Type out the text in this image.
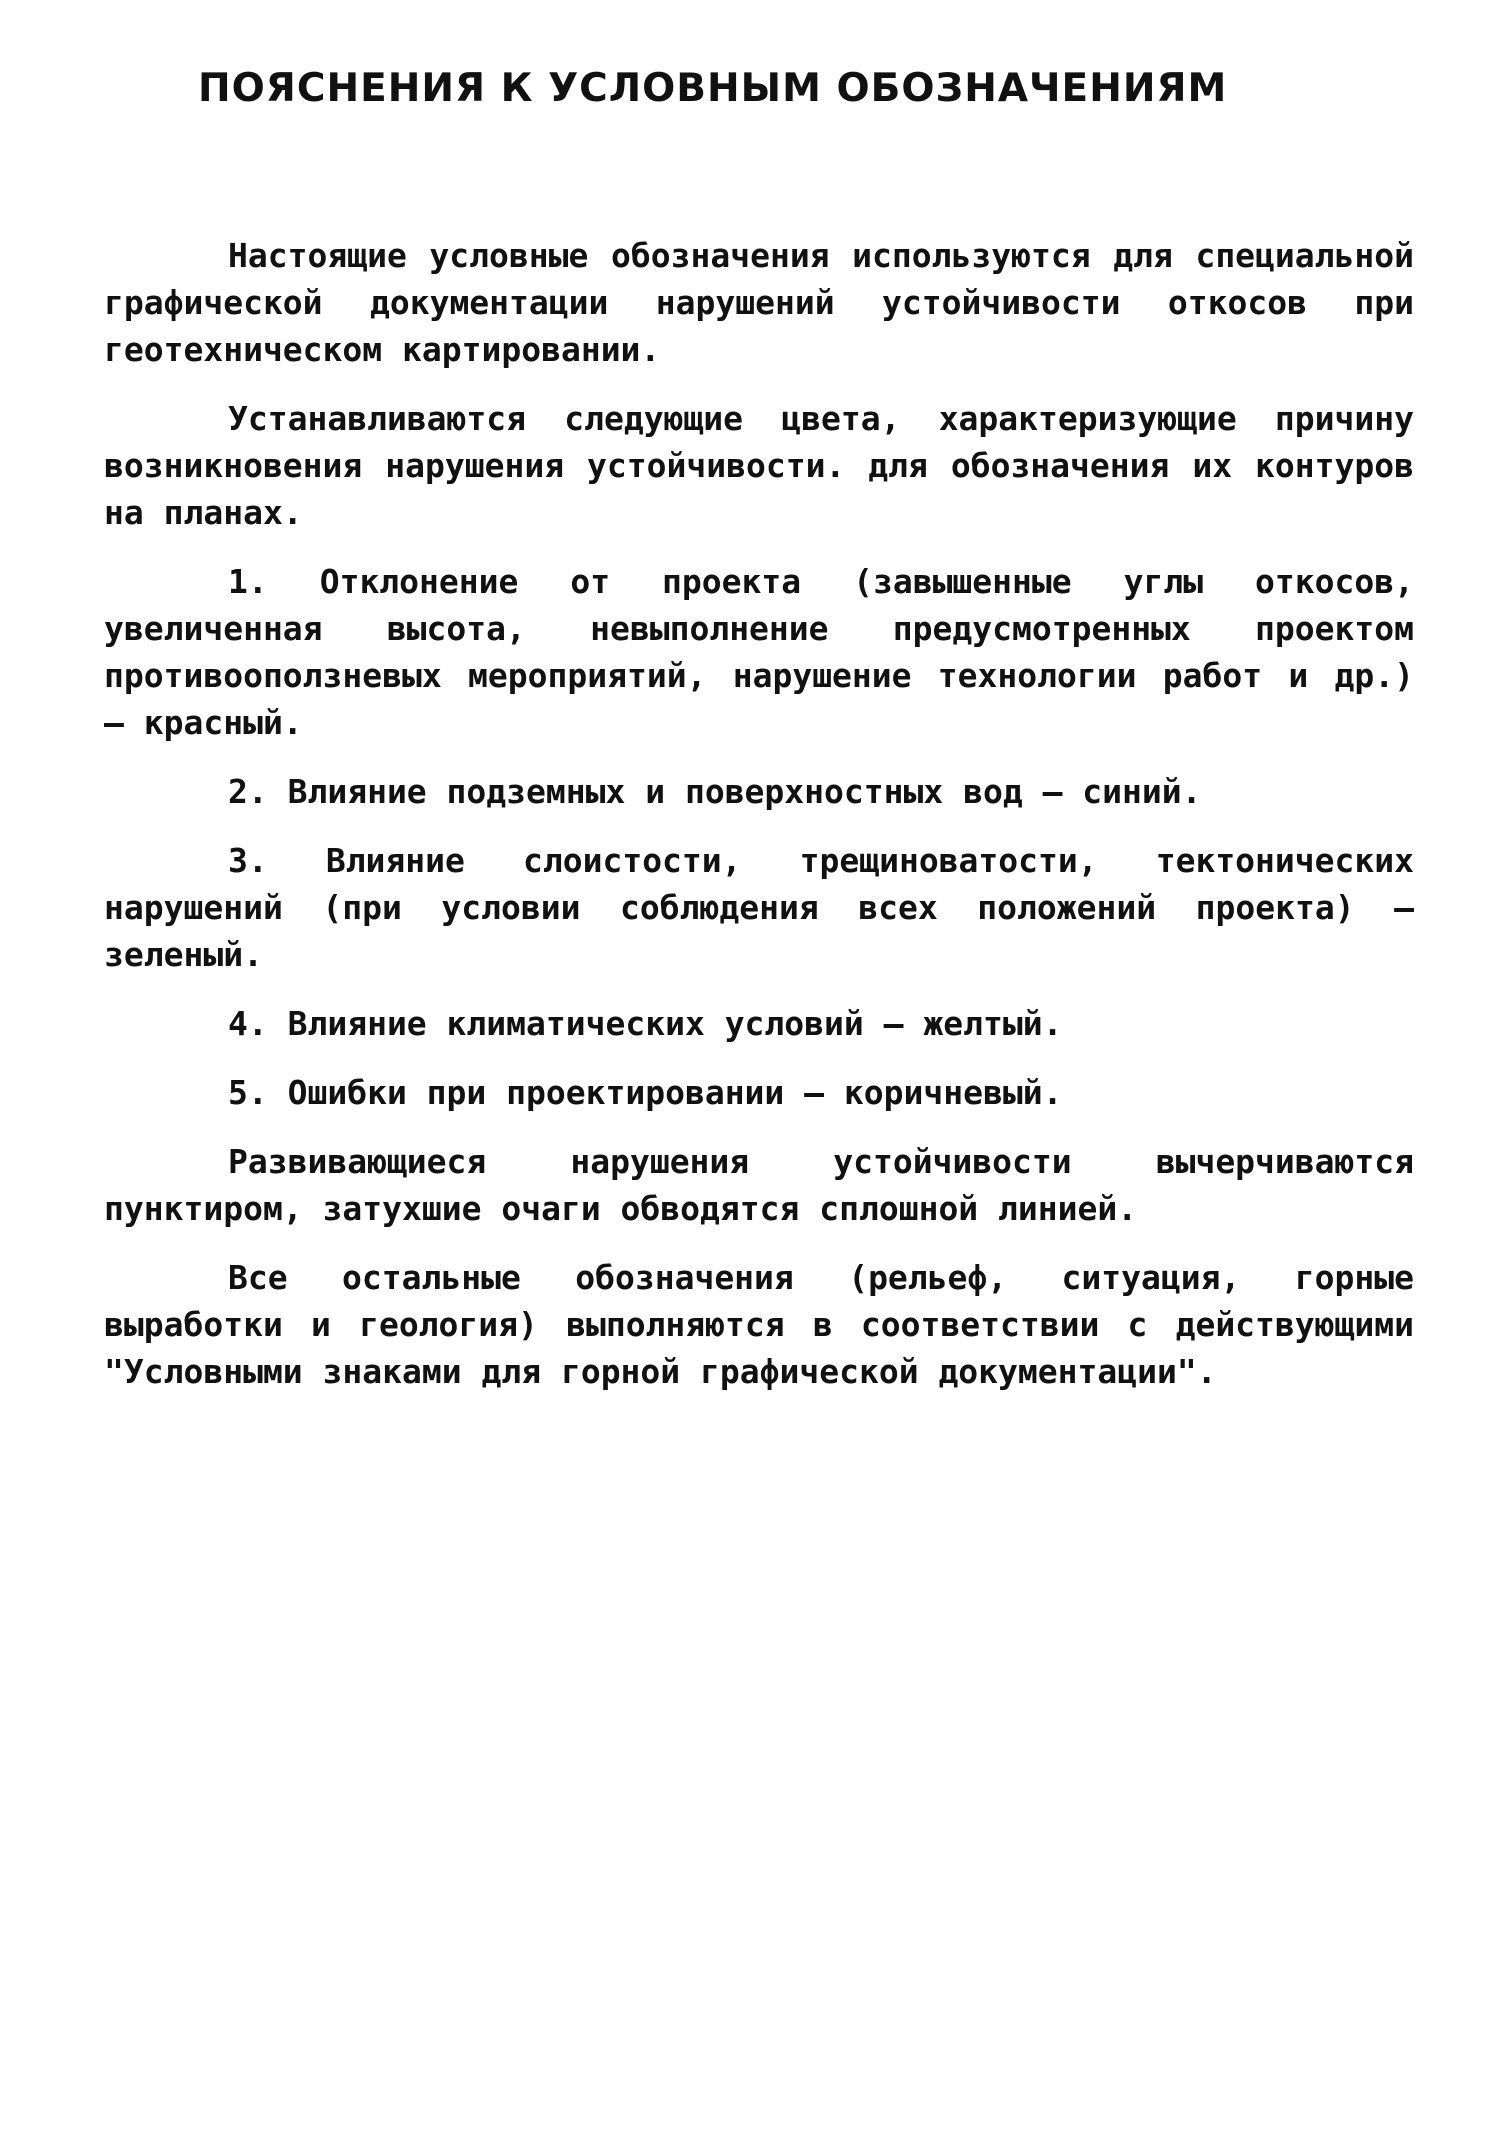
ПОЯСНЕНИЯ К УСЛОВНЫМ ОБОЗНАЧЕНИЯМ

Настоящие условные обозначения используются для специальной графической документации нарушений устойчивости откосов при геотехническом картировании.

Устанавливаются следующие цвета, характеризующие причину возникновения нарушения устойчивости. для обозначения их контуров на планах.

1. Отклонение от проекта (завышенные углы откосов, увеличенная высота, невыполнение предусмотренных проектом противооползневых мероприятий, нарушение технологии работ и др.) – красный.

2. Влияние подземных и поверхностных вод – синий.

3. Влияние слоистости, трещиноватости, тектонических нарушений (при условии соблюдения всех положений проекта) – зеленый.

4. Влияние климатических условий – желтый.

5. Ошибки при проектировании – коричневый.

Развивающиеся нарушения устойчивости вычерчиваются пунктиром, затухшие очаги обводятся сплошной линией.

Все остальные обозначения (рельеф, ситуация, горные выработки и геология) выполняются в соответствии с действующими "Условными знаками для горной графической документации".
